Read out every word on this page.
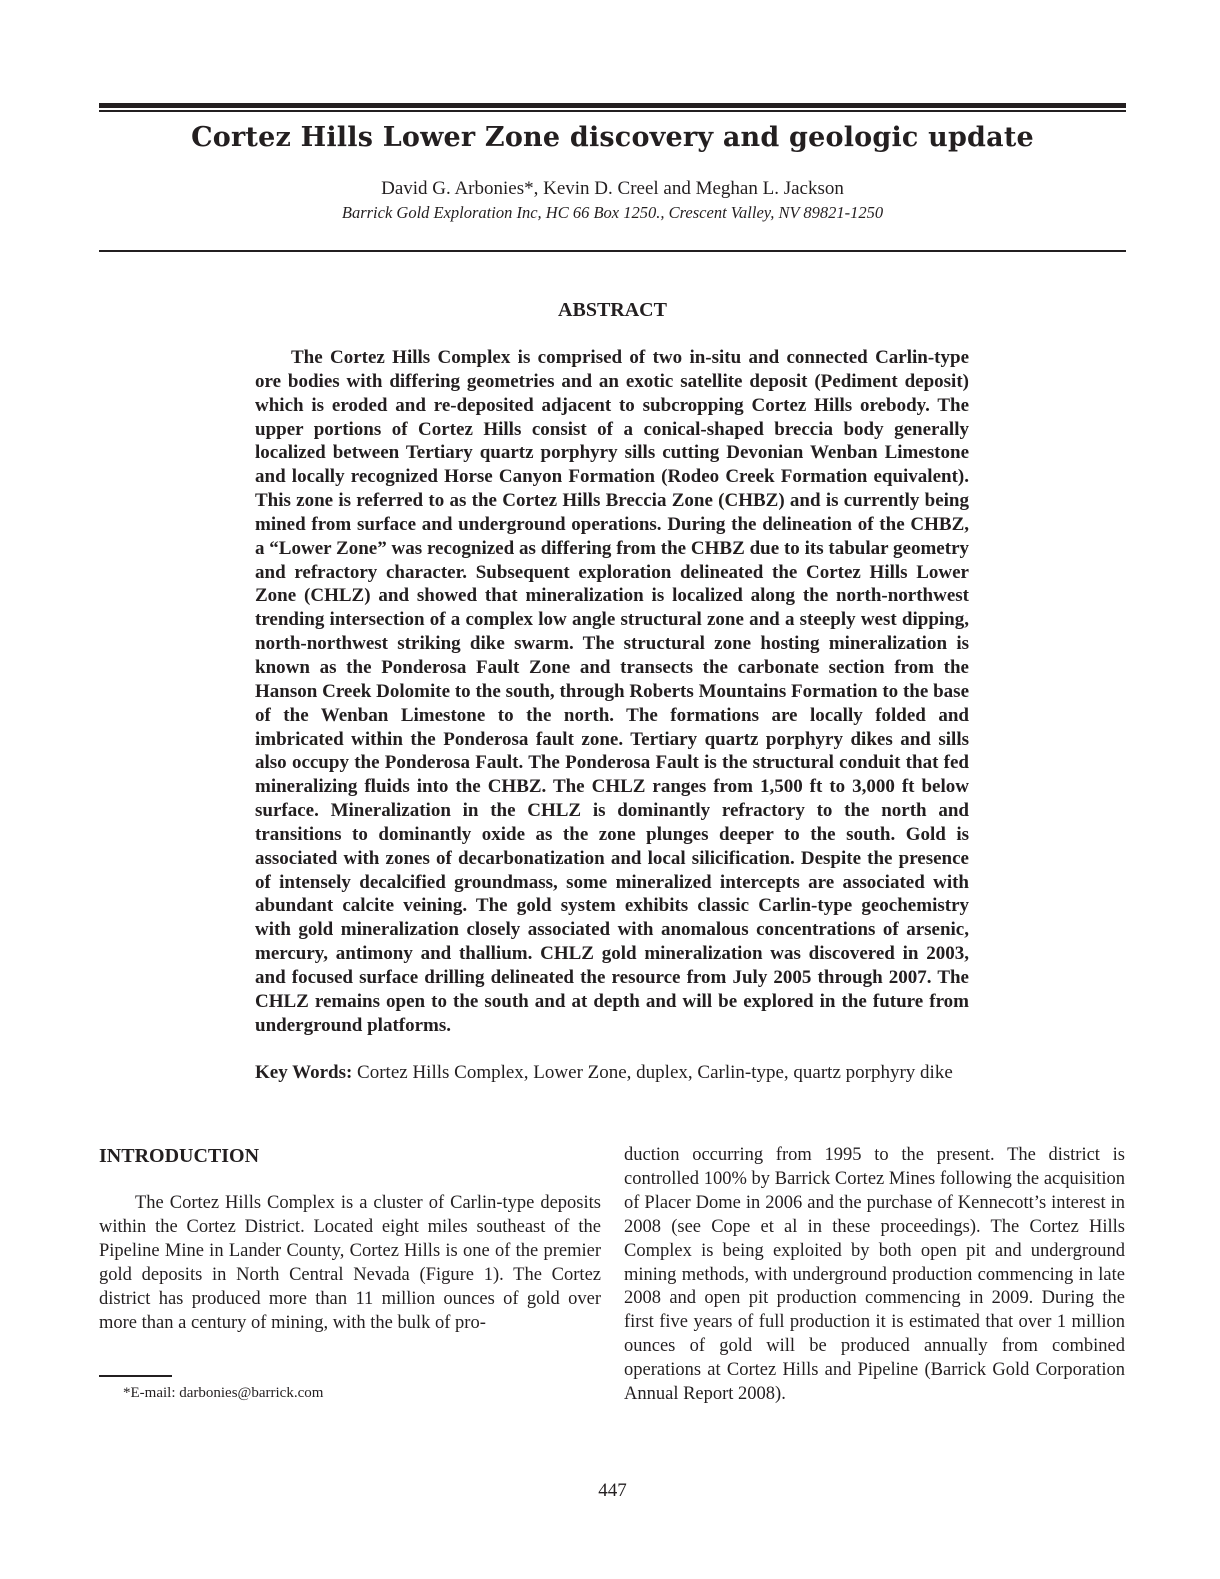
Cortez Hills Lower Zone discovery and geologic update
David G. Arbonies*, Kevin D. Creel and Meghan L. Jackson
Barrick Gold Exploration Inc, HC 66 Box 1250., Crescent Valley, NV 89821-1250
ABSTRACT

The Cortez Hills Complex is comprised of two in-situ and connected Carlin-type ore bodies with differing geometries and an exotic satellite deposit (Pediment deposit) which is eroded and re-deposited adjacent to subcropping Cortez Hills orebody. The upper portions of Cortez Hills consist of a conical-shaped breccia body generally localized between Tertiary quartz porphyry sills cutting Devonian Wenban Limestone and locally recognized Horse Canyon Formation (Rodeo Creek Formation equivalent). This zone is referred to as the Cortez Hills Breccia Zone (CHBZ) and is currently being mined from surface and underground operations. During the delineation of the CHBZ, a “Lower Zone” was recognized as differing from the CHBZ due to its tabular geometry and refractory character. Subsequent exploration delineated the Cortez Hills Lower Zone (CHLZ) and showed that mineralization is localized along the north-northwest trending intersection of a complex low angle structural zone and a steeply west dipping, north-northwest striking dike swarm. The structural zone hosting mineralization is known as the Ponderosa Fault Zone and transects the carbonate section from the Hanson Creek Dolomite to the south, through Roberts Mountains Formation to the base of the Wenban Limestone to the north. The formations are locally folded and imbricated within the Ponderosa fault zone. Tertiary quartz porphyry dikes and sills also occupy the Ponderosa Fault. The Ponderosa Fault is the structural conduit that fed mineralizing fluids into the CHBZ. The CHLZ ranges from 1,500 ft to 3,000 ft below surface. Mineralization in the CHLZ is dominantly refractory to the north and transitions to dominantly oxide as the zone plunges deeper to the south. Gold is associated with zones of decarbonatization and local silicification. Despite the presence of intensely decalcified groundmass, some mineralized intercepts are associated with abundant calcite veining. The gold system exhibits classic Carlin-type geochemistry with gold mineralization closely associated with anomalous concentrations of arsenic, mercury, antimony and thallium. CHLZ gold mineralization was discovered in 2003, and focused surface drilling delineated the resource from July 2005 through 2007. The CHLZ remains open to the south and at depth and will be explored in the future from underground platforms.

Key Words: Cortez Hills Complex, Lower Zone, duplex, Carlin-type, quartz porphyry dike

INTRODUCTION

The Cortez Hills Complex is a cluster of Carlin-type deposits within the Cortez District. Located eight miles southeast of the Pipeline Mine in Lander County, Cortez Hills is one of the premier gold deposits in North Central Nevada (Figure 1). The Cortez district has produced more than 11 million ounces of gold over more than a century of mining, with the bulk of pro-

duction occurring from 1995 to the present. The district is controlled 100% by Barrick Cortez Mines following the acquisition of Placer Dome in 2006 and the purchase of Kennecott’s interest in 2008 (see Cope et al in these proceedings). The Cortez Hills Complex is being exploited by both open pit and underground mining methods, with underground production commencing in late 2008 and open pit production commencing in 2009. During the first five years of full production it is estimated that over 1 million ounces of gold will be produced annually from combined operations at Cortez Hills and Pipeline (Barrick Gold Corporation Annual Report 2008).

*E-mail: darbonies@barrick.com
447
